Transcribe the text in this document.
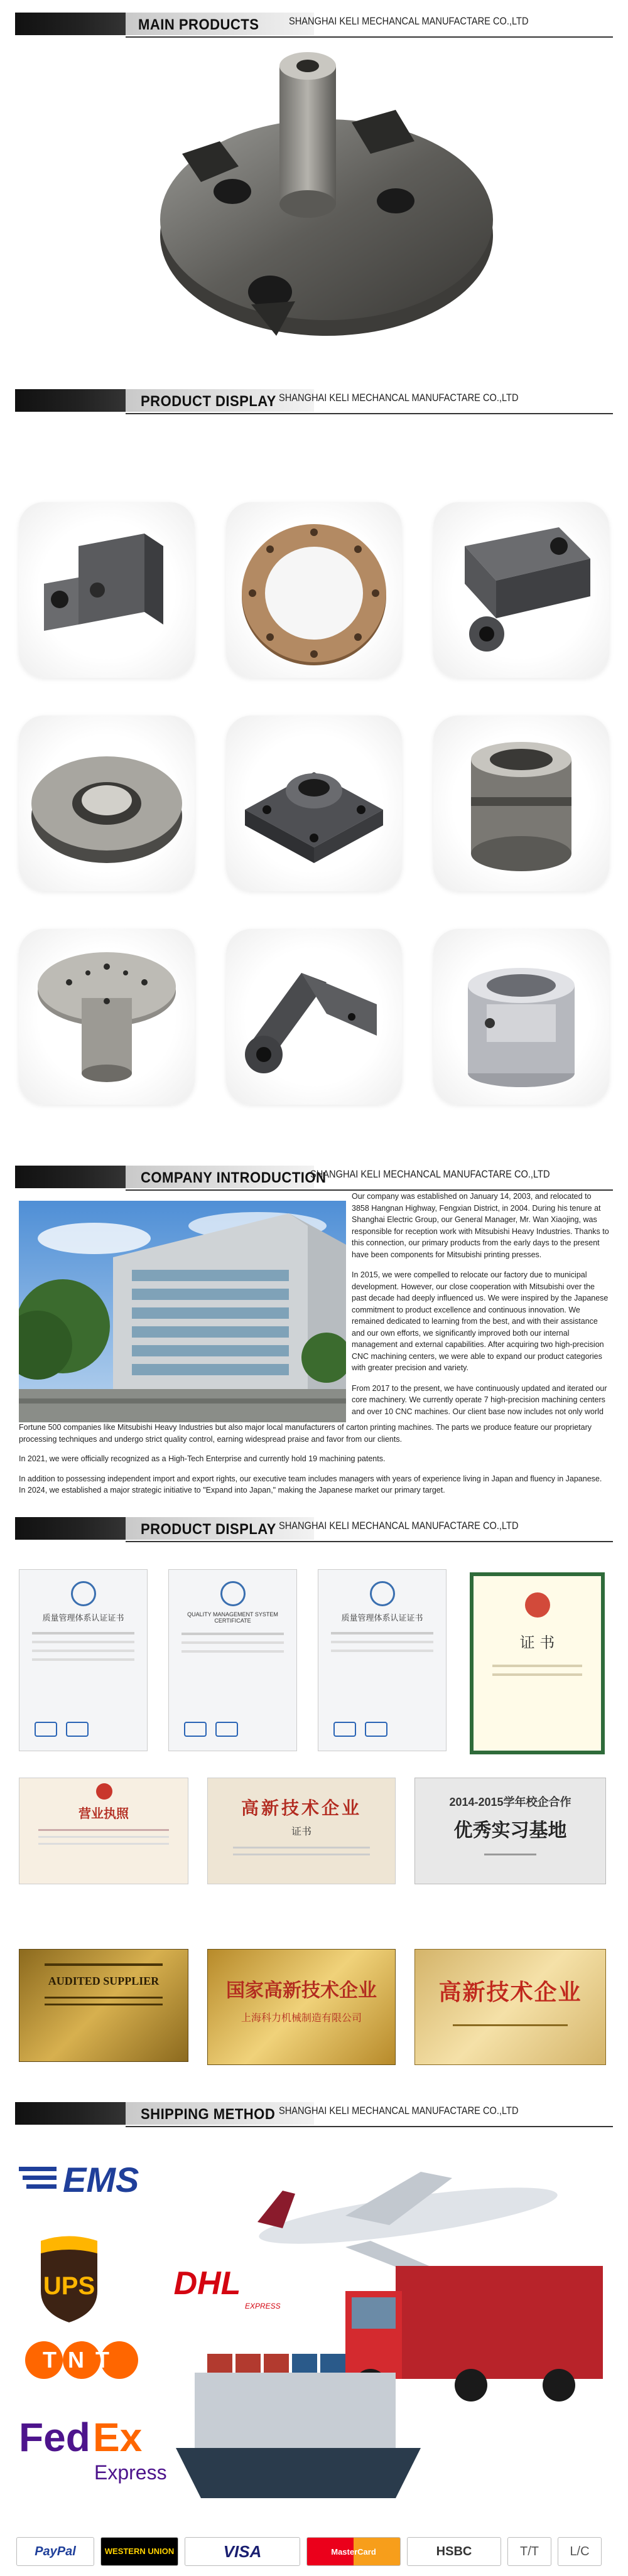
MAIN PRODUCTS	SHANGHAI KELI MECHANCAL MANUFACTARE CO.,LTD
PRODUCT DISPLAY SHANGHAI KELI MECHANCAL MANUFACTARE CO.,LTD
COMPANY INTRODUCTION
SHANGHAI KELI MECHANCAL MANUFACTARE CO.,LTD

Our company was established on January 14, 2003, and relocated to 3858 Hangnan Highway, Fengxian District, in 2004. During his tenure at Shanghai Electric Group, our General Manager, Mr. Wan Xiaojing, was responsible for reception work with Mitsubishi Heavy Industries. Thanks to this connection, our primary products from the early days to the present have been components for Mitsubishi printing presses.

In 2015, we were compelled to relocate our factory due to municipal development. However, our close cooperation with Mitsubishi over the past decade had deeply influenced us. We were inspired by the Japanese commitment to product excellence and continuous innovation. We remained dedicated to learning from the best, and with their assistance and our own efforts, we significantly improved both our internal management and external capabilities. After acquiring two high-precision CNC machining centers, we were able to expand our product categories with greater precision and variety.

From 2017 to the present, we have continuously updated and iterated our core machinery. We currently operate 7 high-precision machining centers and over 10 CNC machines. Our client base now includes not only world

Fortune 500 companies like Mitsubishi Heavy Industries but also major local manufacturers of carton printing machines. The parts we produce feature our proprietary processing techniques and undergo strict quality control, earning widespread praise and favor from our clients.

In 2021, we were officially recognized as a High-Tech Enterprise and currently hold 19 machining patents.

In addition to possessing independent import and export rights, our executive team includes managers with years of experience living in Japan and fluency in Japanese. In 2024, we established a major strategic initiative to "Expand into Japan," making the Japanese market our primary target.

PRODUCT DISPLAY SHANGHAI KELI MECHANCAL MANUFACTARE CO.,LTD
质量管理体系认证证书	QUALITY MANAGEMENT SYSTEM CERTIFICATE	质量管理体系认证证书
证 书
营业执照	高新技术企业
证书
2014-2015学年校企合作
优秀实习基地
AUDITED SUPPLIER	国家高新技术企业
上海科力机械制造有限公司
高新技术企业
SHIPPING METHOD SHANGHAI KELI MECHANCAL MANUFACTARE CO.,LTD
EMS
UPS DHL
EXPRESS
TNT
Fed Ex
Express
PayPal	WESTERN UNION	VISA	MasterCard	HSBC	T/T	L/C
